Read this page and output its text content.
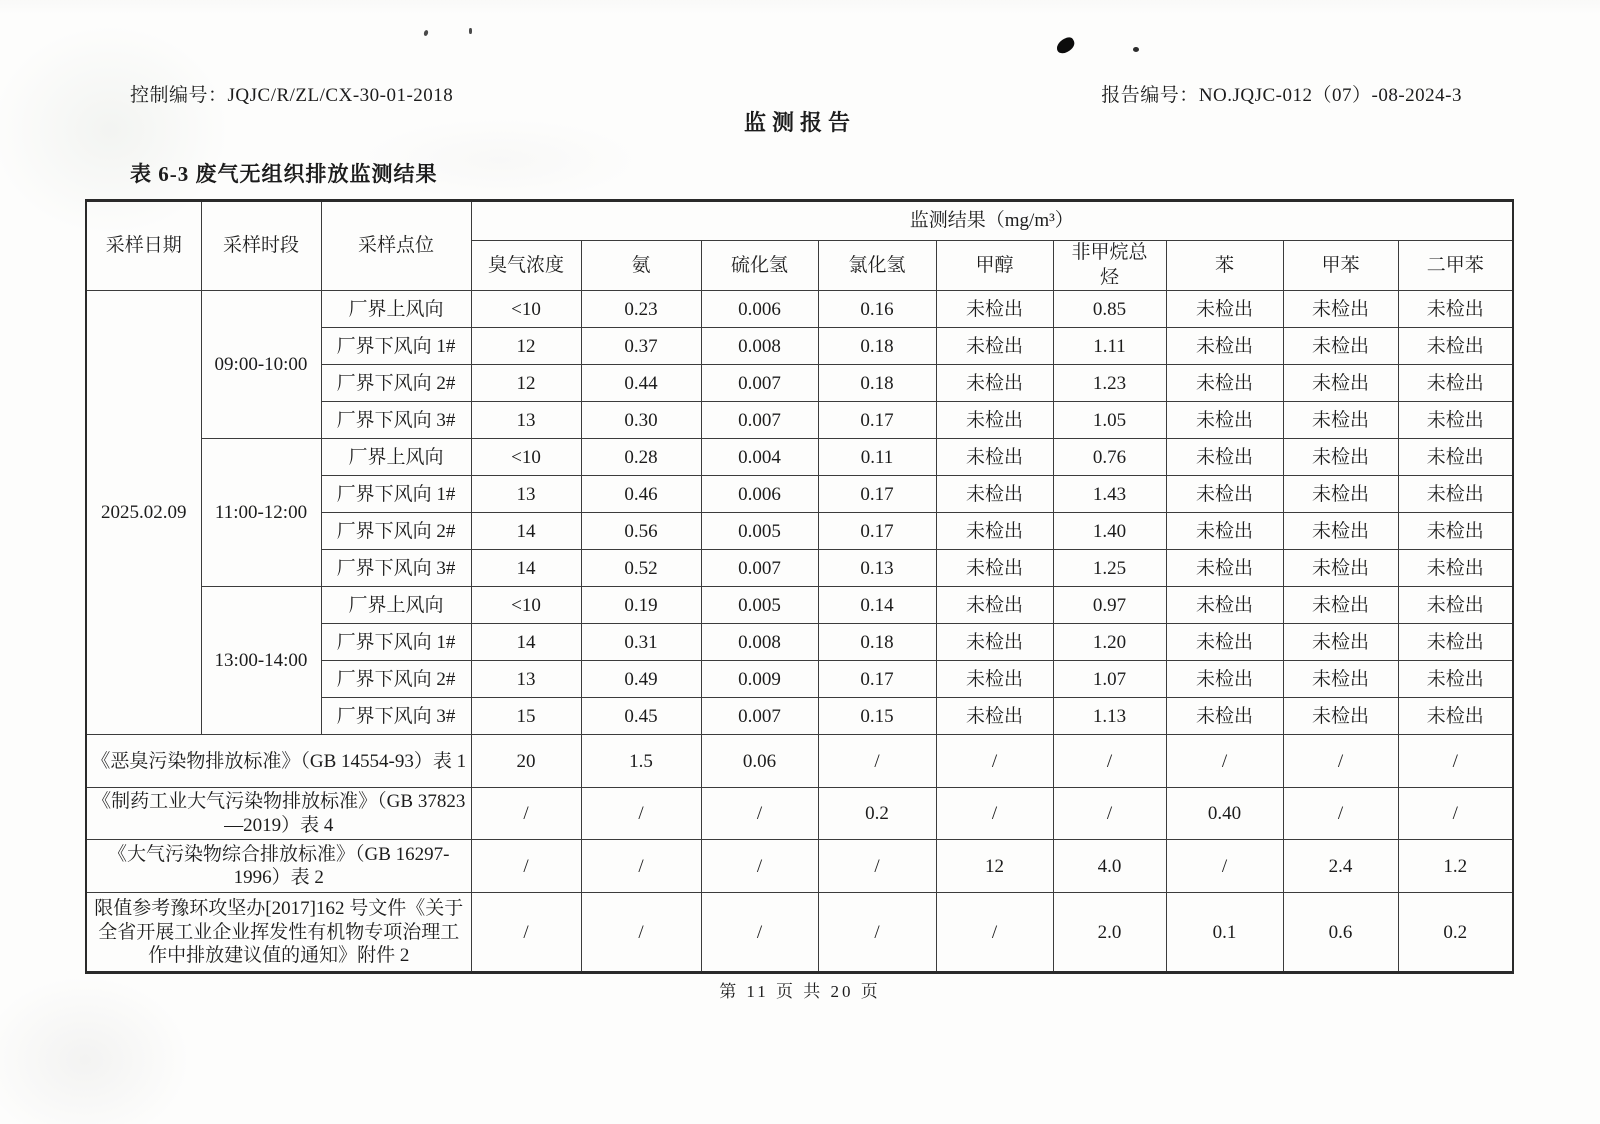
控制编号：JQJC/R/ZL/CX-30-01-2018	报告编号：NO.JQJC-012（07）-08-2024-3
监测报告
表 6-3 废气无组织排放监测结果
采样日期	采样时段	采样点位	监测结果（mg/m³）								
			臭气浓度	氨	硫化氢	氯化氢	甲醇	非甲烷总烃	苯	甲苯	二甲苯
2025.02.09	09:00-10:00	厂界上风向	<10	0.23	0.006	0.16	未检出	0.85	未检出	未检出	未检出
		厂界下风向 1#	12	0.37	0.008	0.18	未检出	1.11	未检出	未检出	未检出
		厂界下风向 2#	12	0.44	0.007	0.18	未检出	1.23	未检出	未检出	未检出
		厂界下风向 3#	13	0.30	0.007	0.17	未检出	1.05	未检出	未检出	未检出
	11:00-12:00	厂界上风向	<10	0.28	0.004	0.11	未检出	0.76	未检出	未检出	未检出
		厂界下风向 1#	13	0.46	0.006	0.17	未检出	1.43	未检出	未检出	未检出
		厂界下风向 2#	14	0.56	0.005	0.17	未检出	1.40	未检出	未检出	未检出
		厂界下风向 3#	14	0.52	0.007	0.13	未检出	1.25	未检出	未检出	未检出
	13:00-14:00	厂界上风向	<10	0.19	0.005	0.14	未检出	0.97	未检出	未检出	未检出
		厂界下风向 1#	14	0.31	0.008	0.18	未检出	1.20	未检出	未检出	未检出
		厂界下风向 2#	13	0.49	0.009	0.17	未检出	1.07	未检出	未检出	未检出
		厂界下风向 3#	15	0.45	0.007	0.15	未检出	1.13	未检出	未检出	未检出
《恶臭污染物排放标准》（GB 14554-93）表 1			20	1.5	0.06	/	/	/	/	/	/
《制药工业大气污染物排放标准》（GB 37823—2019）表 4			/	/	/	0.2	/	/	0.40	/	/
《大气污染物综合排放标准》（GB 16297-1996）表 2			/	/	/	/	12	4.0	/	2.4	1.2
限值参考豫环攻坚办[2017]162 号文件《关于全省开展工业企业挥发性有机物专项治理工作中排放建议值的通知》附件 2			/	/	/	/	/	2.0	0.1	0.6	0.2
第 11 页 共 20 页
